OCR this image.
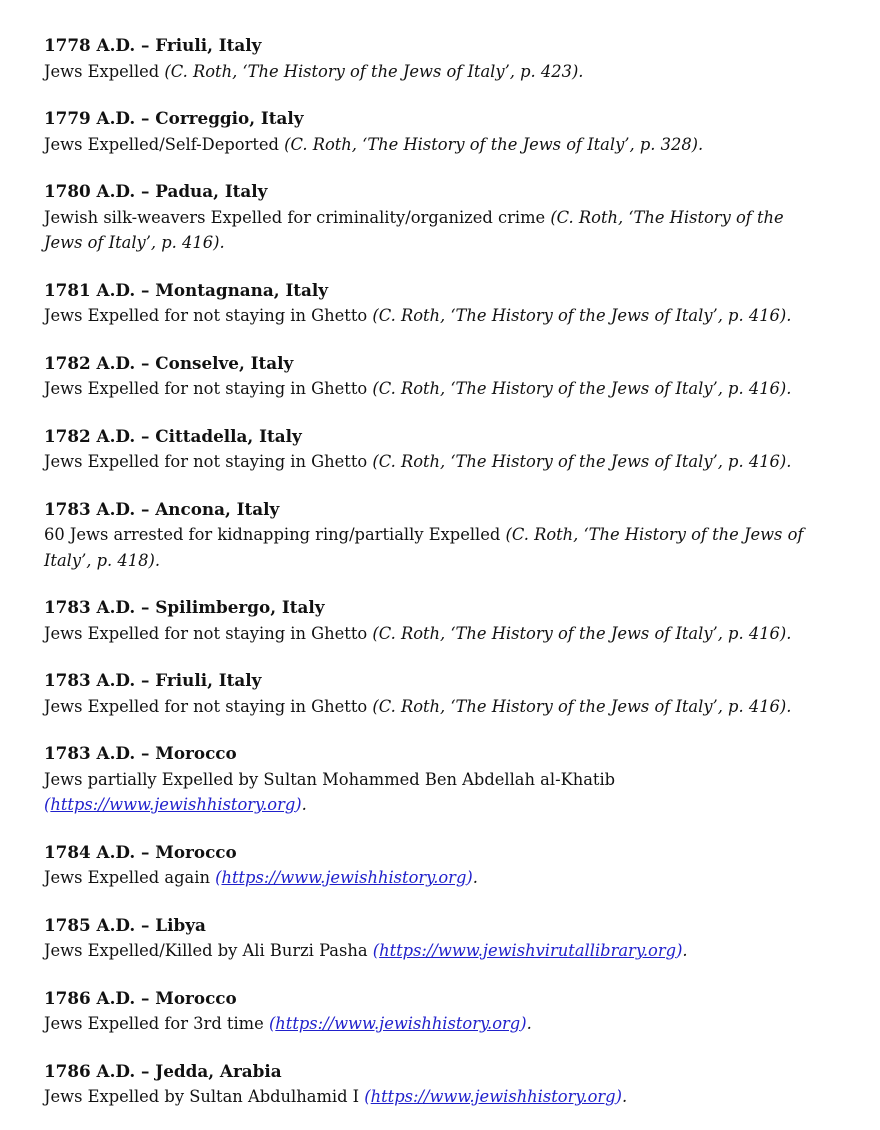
1778 A.D. – Friuli, Italy
Jews Expelled (C. Roth, ‘The History of the Jews of Italy’, p. 423).
1779 A.D. – Correggio, Italy
Jews Expelled/Self-Deported (C. Roth, ‘The History of the Jews of Italy’, p. 328).
1780 A.D. – Padua, Italy
Jewish silk-weavers Expelled for criminality/organized crime (C. Roth, ‘The History of the
Jews of Italy’, p. 416).
1781 A.D. – Montagnana, Italy
Jews Expelled for not staying in Ghetto (C. Roth, ‘The History of the Jews of Italy’, p. 416).
1782 A.D. – Conselve, Italy
Jews Expelled for not staying in Ghetto (C. Roth, ‘The History of the Jews of Italy’, p. 416).
1782 A.D. – Cittadella, Italy
Jews Expelled for not staying in Ghetto (C. Roth, ‘The History of the Jews of Italy’, p. 416).
1783 A.D. – Ancona, Italy
60 Jews arrested for kidnapping ring/partially Expelled (C. Roth, ‘The History of the Jews of
Italy’, p. 418).
1783 A.D. – Spilimbergo, Italy
Jews Expelled for not staying in Ghetto (C. Roth, ‘The History of the Jews of Italy’, p. 416).
1783 A.D. – Friuli, Italy
Jews Expelled for not staying in Ghetto (C. Roth, ‘The History of the Jews of Italy’, p. 416).
1783 A.D. – Morocco
Jews partially Expelled by Sultan Mohammed Ben Abdellah al-Khatib
(https://www.jewishhistory.org).
1784 A.D. – Morocco
Jews Expelled again (https://www.jewishhistory.org).
1785 A.D. – Libya
Jews Expelled/Killed by Ali Burzi Pasha (https://www.jewishvirutallibrary.org).
1786 A.D. – Morocco
Jews Expelled for 3rd time (https://www.jewishhistory.org).
1786 A.D. – Jedda, Arabia
Jews Expelled by Sultan Abdulhamid I (https://www.jewishhistory.org).
